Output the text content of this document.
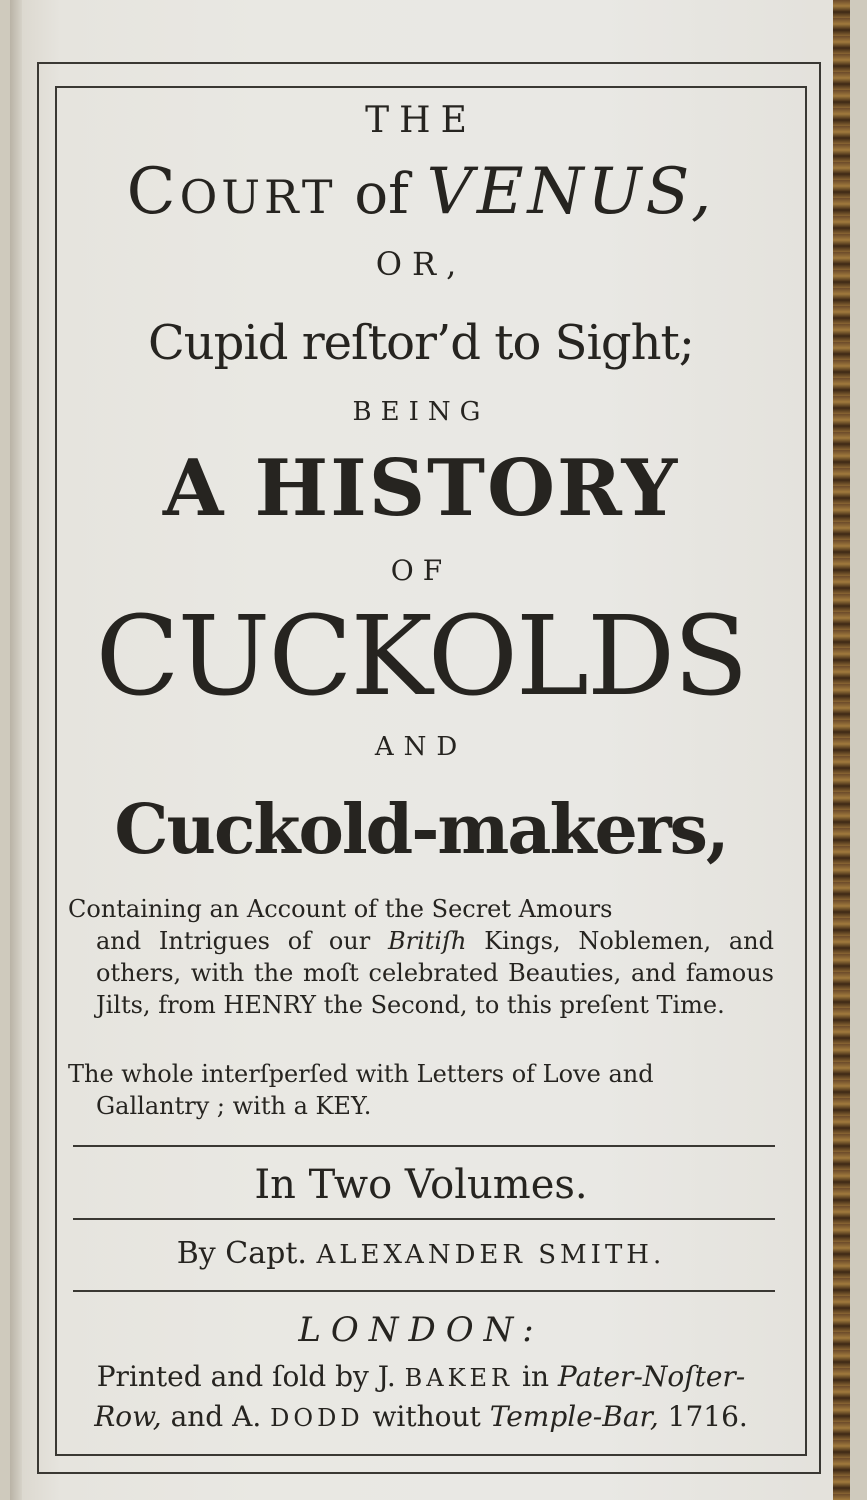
THE
COURT of VENUS,
OR,
Cupid reſtor’d to Sight;
BEING
A HISTORY
OF
CUCKOLDS
AND
Cuckold-makers,
Containing an Account of the Secret Amours
and Intrigues of our Britiſh Kings, Noblemen, and others, with the moſt celebrated Beauties, and famous Jilts, from HENRY the Second, to this preſent Time.
The whole interſperſed with Letters of Love and
Gallantry ; with a KEY.
In Two Volumes.
By Capt. ALEXANDER SMITH.
LONDON:
Printed and ſold by J. BAKER in Pater-Noſter-
Row, and A. DODD without Temple-Bar, 1716.
